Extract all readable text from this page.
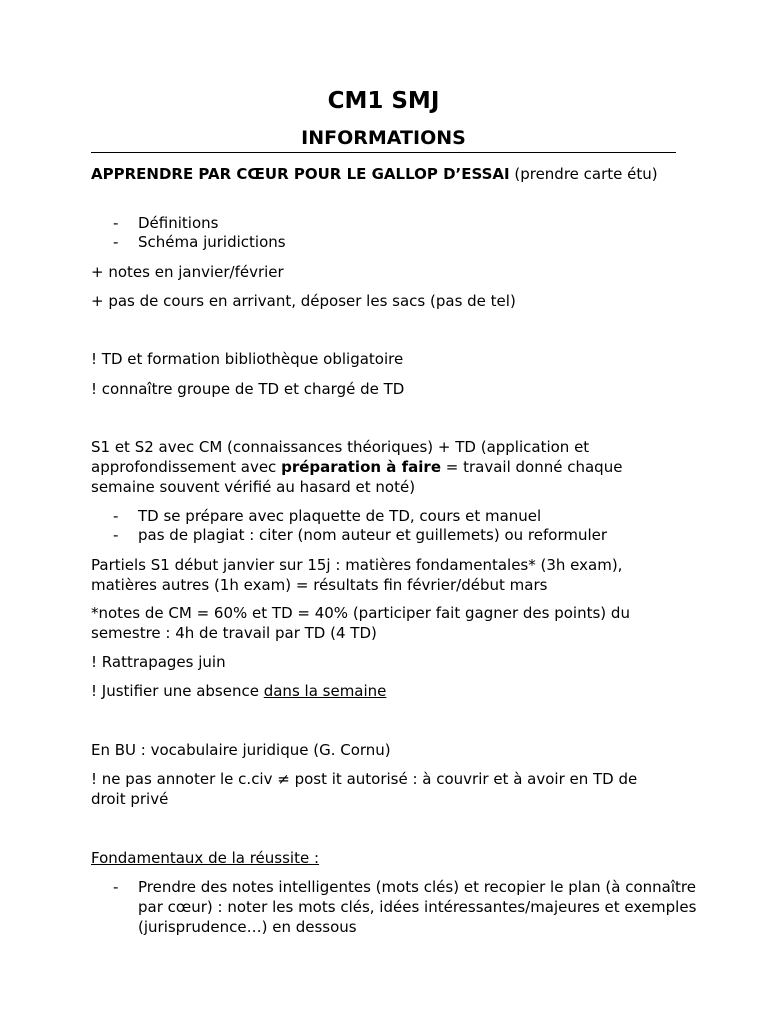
CM1 SMJ
INFORMATIONS

APPRENDRE PAR CŒUR POUR LE GALLOP D’ESSAI (prendre carte étu)

- Définitions
- Schéma juridictions

+ notes en janvier/février

+ pas de cours en arrivant, déposer les sacs (pas de tel)

! TD et formation bibliothèque obligatoire

! connaître groupe de TD et chargé de TD

S1 et S2 avec CM (connaissances théoriques) + TD (application et approfondissement avec préparation à faire = travail donné chaque semaine souvent vérifié au hasard et noté)

- TD se prépare avec plaquette de TD, cours et manuel
- pas de plagiat : citer (nom auteur et guillemets) ou reformuler

Partiels S1 début janvier sur 15j : matières fondamentales* (3h exam), matières autres (1h exam) = résultats fin février/début mars

*notes de CM = 60% et TD = 40% (participer fait gagner des points) du semestre : 4h de travail par TD (4 TD)

! Rattrapages juin

! Justifier une absence dans la semaine

En BU : vocabulaire juridique (G. Cornu)

! ne pas annoter le c.civ ≠ post it autorisé : à couvrir et à avoir en TD de droit privé

Fondamentaux de la réussite :

- Prendre des notes intelligentes (mots clés) et recopier le plan (à connaître par cœur) : noter les mots clés, idées intéressantes/majeures et exemples (jurisprudence…) en dessous
